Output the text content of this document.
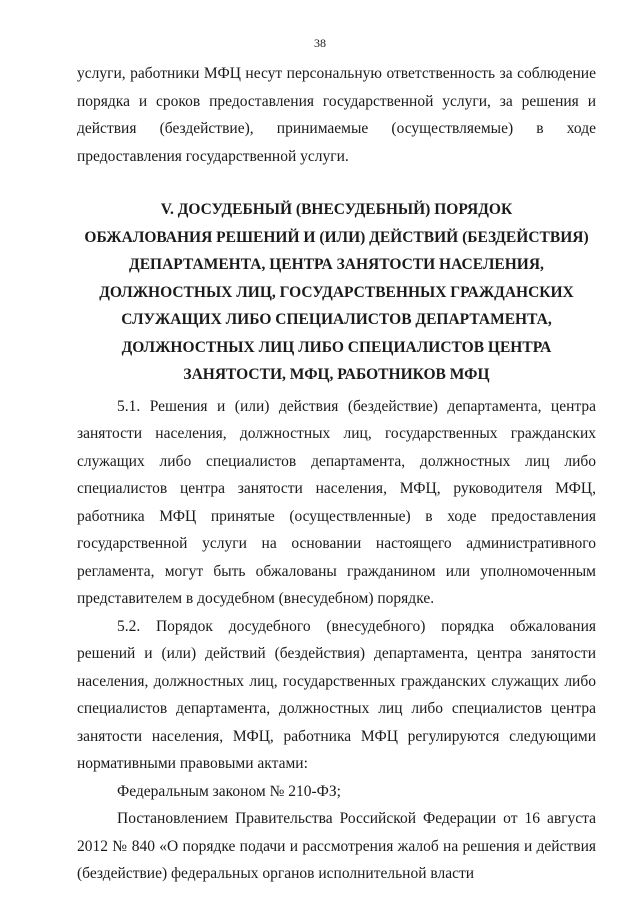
38

услуги, работники МФЦ несут персональную ответственность за соблюдение порядка и сроков предоставления государственной услуги, за решения и действия (бездействие), принимаемые (осуществляемые) в ходе предоставления государственной услуги.

V. ДОСУДЕБНЫЙ (ВНЕСУДЕБНЫЙ) ПОРЯДОК
ОБЖАЛОВАНИЯ РЕШЕНИЙ И (ИЛИ) ДЕЙСТВИЙ (БЕЗДЕЙСТВИЯ)
ДЕПАРТАМЕНТА, ЦЕНТРА ЗАНЯТОСТИ НАСЕЛЕНИЯ,
ДОЛЖНОСТНЫХ ЛИЦ, ГОСУДАРСТВЕННЫХ ГРАЖДАНСКИХ
СЛУЖАЩИХ ЛИБО СПЕЦИАЛИСТОВ ДЕПАРТАМЕНТА,
ДОЛЖНОСТНЫХ ЛИЦ ЛИБО СПЕЦИАЛИСТОВ ЦЕНТРА
ЗАНЯТОСТИ, МФЦ, РАБОТНИКОВ МФЦ

5.1. Решения и (или) действия (бездействие) департамента, центра занятости населения, должностных лиц, государственных гражданских служащих либо специалистов департамента, должностных лиц либо специалистов центра занятости населения, МФЦ, руководителя МФЦ, работника МФЦ принятые (осуществленные) в ходе предоставления государственной услуги на основании настоящего административного регламента, могут быть обжалованы гражданином или уполномоченным представителем в досудебном (внесудебном) порядке.

5.2. Порядок досудебного (внесудебного) порядка обжалования решений и (или) действий (бездействия) департамента, центра занятости населения, должностных лиц, государственных гражданских служащих либо специалистов департамента, должностных лиц либо специалистов центра занятости населения, МФЦ, работника МФЦ регулируются следующими нормативными правовыми актами:

Федеральным законом № 210-ФЗ;

Постановлением Правительства Российской Федерации от 16 августа 2012 № 840 «О порядке подачи и рассмотрения жалоб на решения и действия (бездействие) федеральных органов исполнительной власти
